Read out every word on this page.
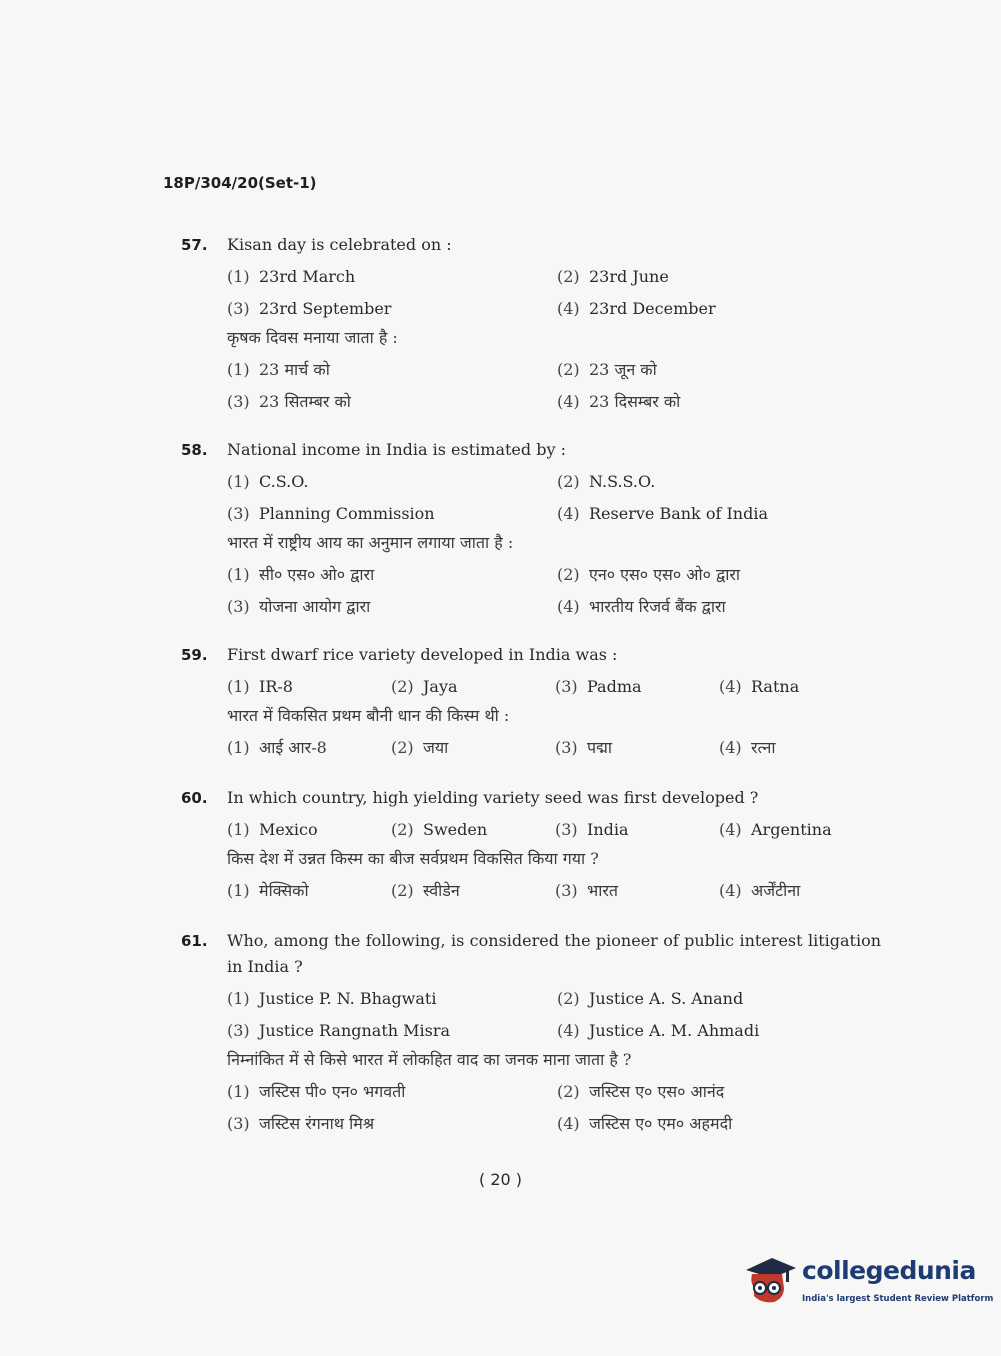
18P/304/20(Set-1)
57.	Kisan day is celebrated on :
(1) 23rd March	(2) 23rd June
(3) 23rd September	(4) 23rd December
कृषक दिवस मनाया जाता है :
(1) 23 मार्च को	(2) 23 जून को
(3) 23 सितम्बर को	(4) 23 दिसम्बर को
58.	National income in India is estimated by :
(1) C.S.O.	(2) N.S.S.O.
(3) Planning Commission	(4) Reserve Bank of India
भारत में राष्ट्रीय आय का अनुमान लगाया जाता है :
(1) सी० एस० ओ० द्वारा	(2) एन० एस० एस० ओ० द्वारा
(3) योजना आयोग द्वारा	(4) भारतीय रिजर्व बैंक द्वारा
59.	First dwarf rice variety developed in India was :
(1) IR-8	(2) Jaya	(3) Padma	(4) Ratna
भारत में विकसित प्रथम बौनी धान की किस्म थी :
(1) आई आर-8	(2) जया	(3) पद्मा	(4) रत्ना
60.	In which country, high yielding variety seed was first developed ?
(1) Mexico	(2) Sweden	(3) India	(4) Argentina
किस देश में उन्नत किस्म का बीज सर्वप्रथम विकसित किया गया ?
(1) मेक्सिको	(2) स्वीडेन	(3) भारत	(4) अर्जेंटीना
61.	Who, among the following, is considered the pioneer of public interest litigation in India ?
(1) Justice P. N. Bhagwati	(2) Justice A. S. Anand
(3) Justice Rangnath Misra	(4) Justice A. M. Ahmadi
निम्नांकित में से किसे भारत में लोकहित वाद का जनक माना जाता है ?
(1) जस्टिस पी० एन० भगवती	(2) जस्टिस ए० एस० आनंद
(3) जस्टिस रंगनाथ मिश्र	(4) जस्टिस ए० एम० अहमदी
( 20 )
collegedunia
India's largest Student Review Platform
